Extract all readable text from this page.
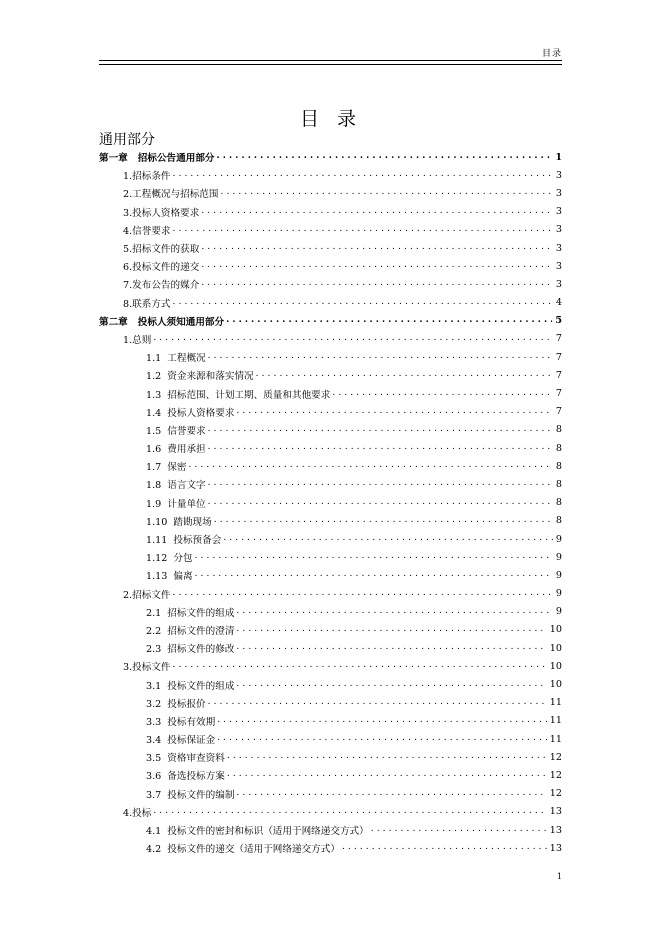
目录
目 录
通用部分
第一章 招标公告通用部分 .....	1
1.招标条件 .....	3
2.工程概况与招标范围 .....	3
3.投标人资格要求 .....	3
4.信誉要求 .....	3
5.招标文件的获取 .....	3
6.投标文件的递交 .....	3
7.发布公告的媒介 .....	3
8.联系方式 .....	4
第二章 投标人须知通用部分 .....	5
1.总则 .....	7
1.1 工程概况 .....	7
1.2 资金来源和落实情况 .....	7
1.3 招标范围、计划工期、质量和其他要求 .....	7
1.4 投标人资格要求 .....	7
1.5 信誉要求 .....	8
1.6 费用承担 .....	8
1.7 保密 .....	8
1.8 语言文字 .....	8
1.9 计量单位 .....	8
1.10 踏勘现场 .....	8
1.11 投标预备会 .....	9
1.12 分包 .....	9
1.13 偏离 .....	9
2.招标文件 .....	9
2.1 招标文件的组成 .....	9
2.2 招标文件的澄清 .....	10
2.3 招标文件的修改 .....	10
3.投标文件 .....	10
3.1 投标文件的组成 .....	10
3.2 投标报价 .....	11
3.3 投标有效期 .....	11
3.4 投标保证金 .....	11
3.5 资格审查资料 .....	12
3.6 备选投标方案 .....	12
3.7 投标文件的编制 .....	12
4.投标 .....	13
4.1 投标文件的密封和标识（适用于网络递交方式） .....	13
4.2 投标文件的递交（适用于网络递交方式） .....	13
1
